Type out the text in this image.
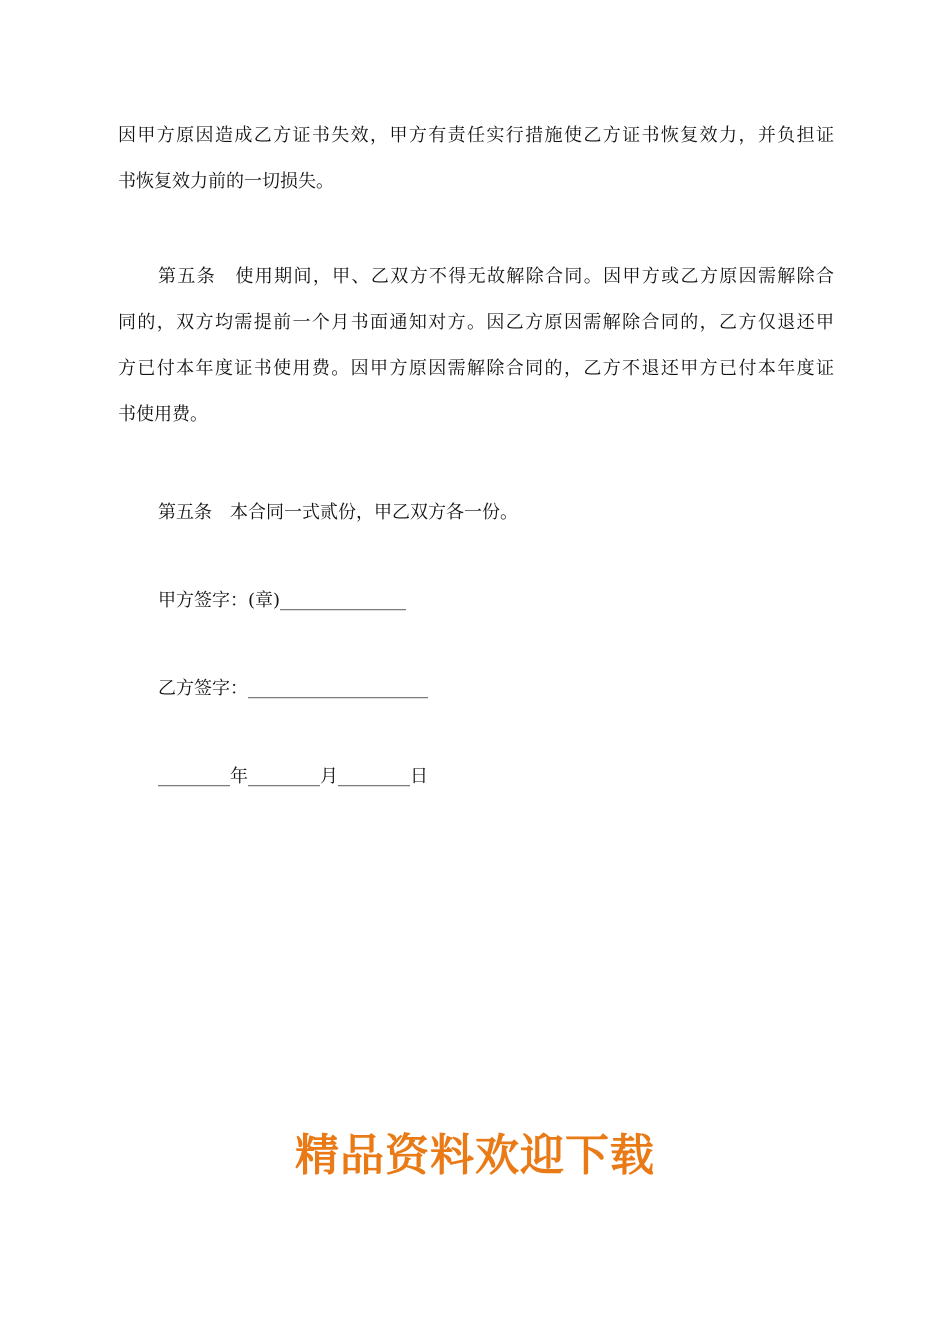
因甲方原因造成乙方证书失效，甲方有责任实行措施使乙方证书恢复效力，并负担证
书恢复效力前的一切损失。
第五条　使用期间，甲、乙双方不得无故解除合同。因甲方或乙方原因需解除合
同的，双方均需提前一个月书面通知对方。因乙方原因需解除合同的，乙方仅退还甲
方已付本年度证书使用费。因甲方原因需解除合同的，乙方不退还甲方已付本年度证
书使用费。
第五条　本合同一式贰份，甲乙双方各一份。
甲方签字：(章)______________
乙方签字：____________________
________年________月________日
精品资料欢迎下载
